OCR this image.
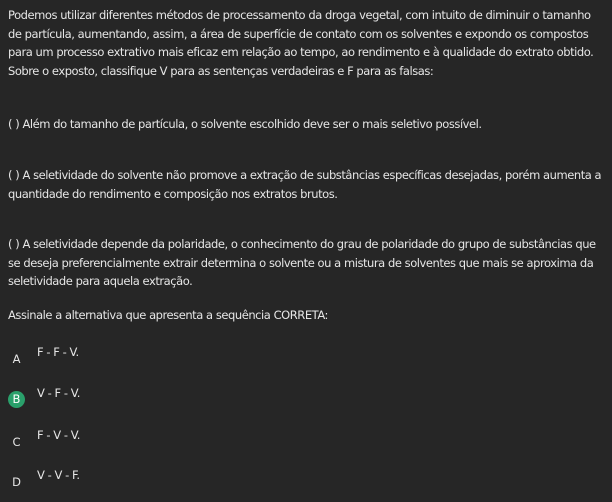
Podemos utilizar diferentes métodos de processamento da droga vegetal, com intuito de diminuir o tamanho de partícula, aumentando, assim, a área de superfície de contato com os solventes e expondo os compostos para um processo extrativo mais eficaz em relação ao tempo, ao rendimento e à qualidade do extrato obtido. Sobre o exposto, classifique V para as sentenças verdadeiras e F para as falsas:

( ) Além do tamanho de partícula, o solvente escolhido deve ser o mais seletivo possível.

( ) A seletividade do solvente não promove a extração de substâncias específicas desejadas, porém aumenta a quantidade do rendimento e composição nos extratos brutos.

( ) A seletividade depende da polaridade, o conhecimento do grau de polaridade do grupo de substâncias que se deseja preferencialmente extrair determina o solvente ou a mistura de solventes que mais se aproxima da seletividade para aquela extração.

Assinale a alternativa que apresenta a sequência CORRETA:

A	F - F - V.
B	V - F - V.
C	F - V - V.
D	V - V - F.
